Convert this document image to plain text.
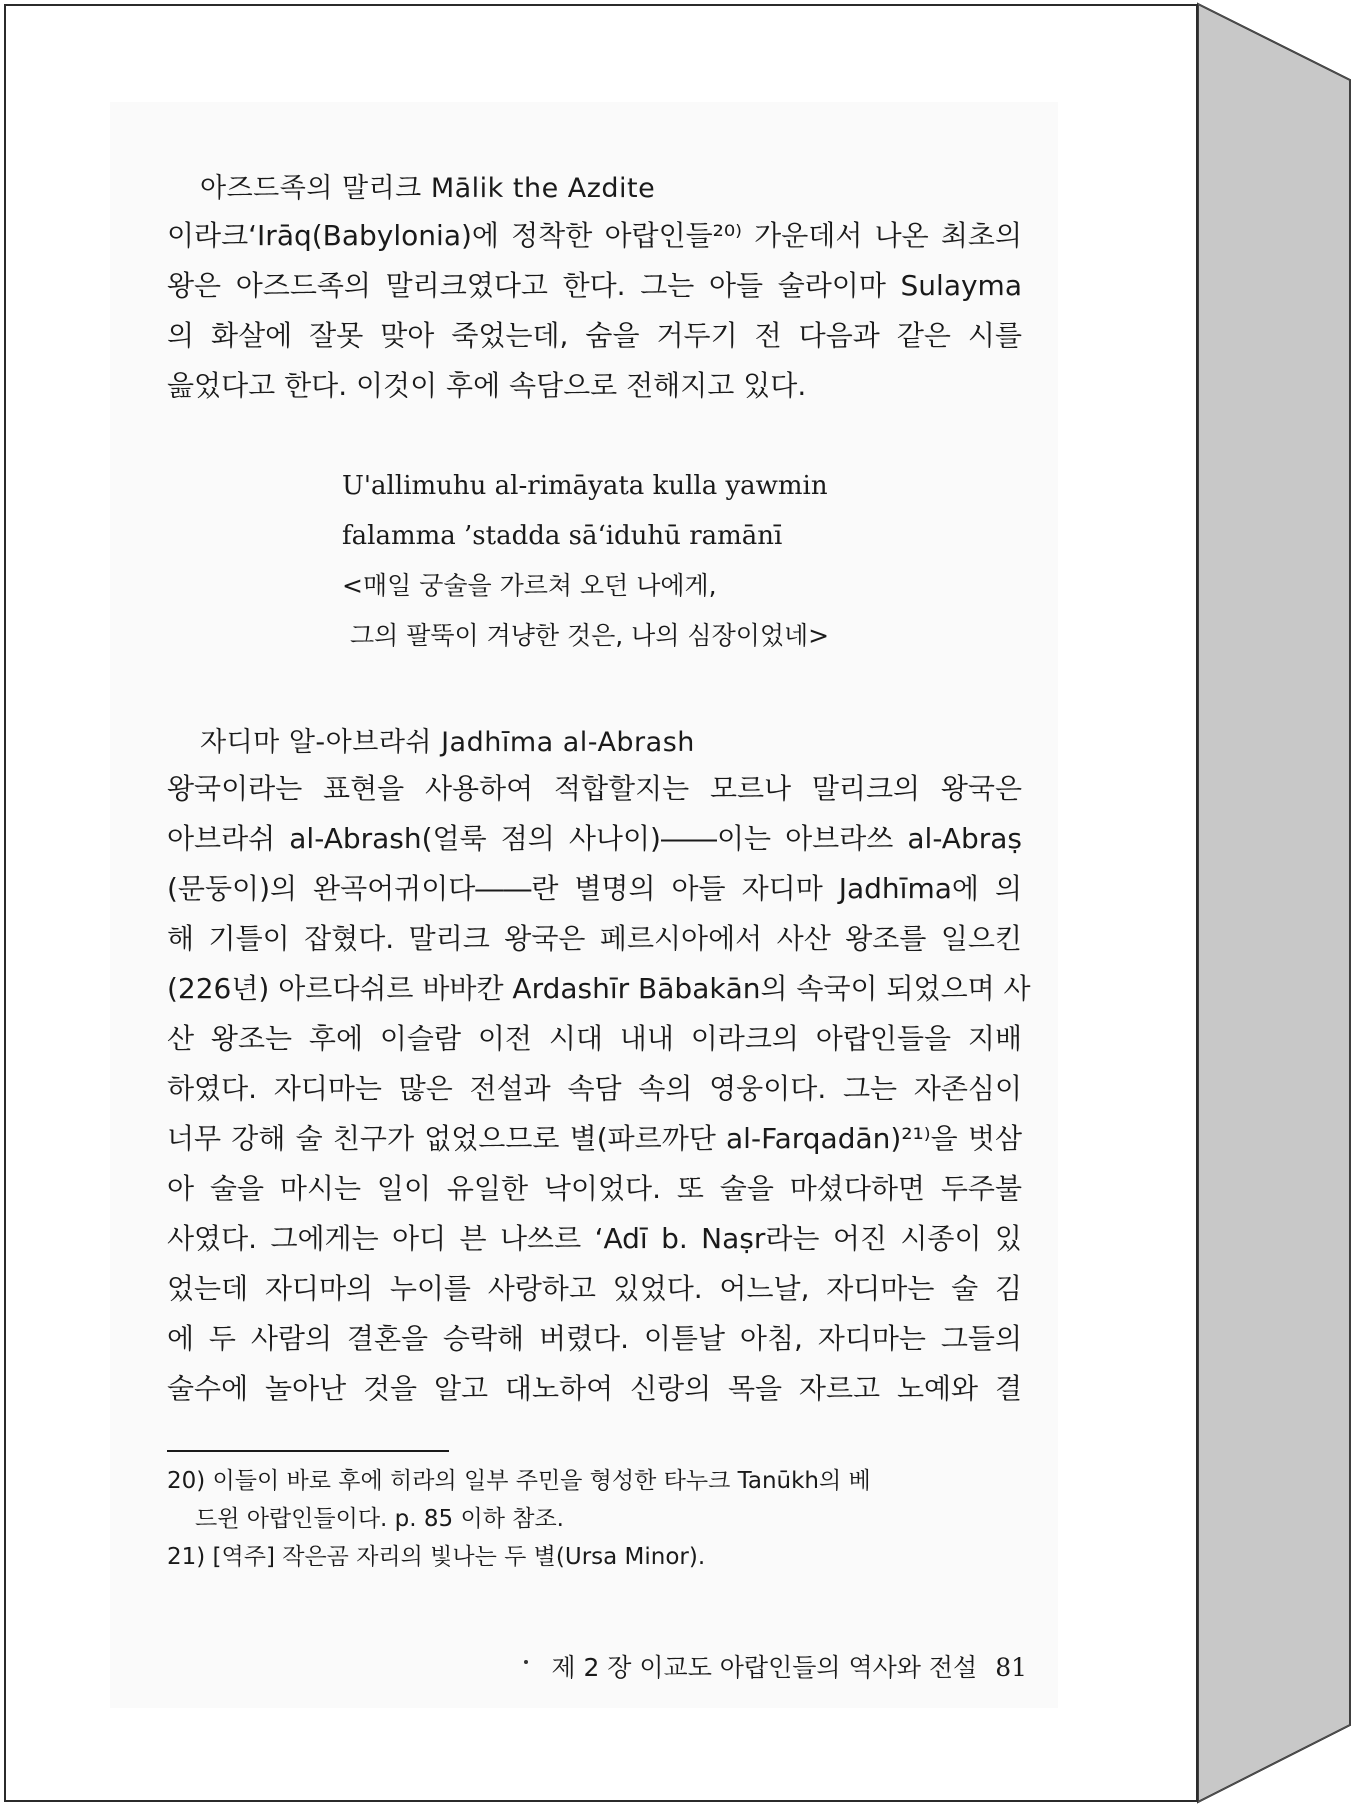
아즈드족의 말리크 Mālik the Azdite

이라크‘Irāq(Babylonia)에 정착한 아랍인들²⁰⁾ 가운데서 나온 최초의

왕은 아즈드족의 말리크였다고 한다. 그는 아들 술라이마 Sulayma

의 화살에 잘못 맞아 죽었는데, 숨을 거두기 전 다음과 같은 시를

읊었다고 한다. 이것이 후에 속담으로 전해지고 있다.

U'allimuhu al-rimāyata kulla yawmin
falamma ’stadda sā‘iduhū ramānī
<매일 궁술을 가르쳐 오던 나에게,
그의 팔뚝이 겨냥한 것은, 나의 심장이었네>
자디마 알-아브라쉬 Jadhīma al-Abrash

왕국이라는 표현을 사용하여 적합할지는 모르나 말리크의 왕국은

아브라쉬 al-Abrash(얼룩 점의 사나이)――이는 아브라쓰 al-Abraṣ

(문둥이)의 완곡어귀이다――란 별명의 아들 자디마 Jadhīma에 의

해 기틀이 잡혔다. 말리크 왕국은 페르시아에서 사산 왕조를 일으킨

(226년) 아르다쉬르 바바칸 Ardashīr Bābakān의 속국이 되었으며 사

산 왕조는 후에 이슬람 이전 시대 내내 이라크의 아랍인들을 지배

하였다. 자디마는 많은 전설과 속담 속의 영웅이다. 그는 자존심이

너무 강해 술 친구가 없었으므로 별(파르까단 al-Farqadān)²¹⁾을 벗삼

아 술을 마시는 일이 유일한 낙이었다. 또 술을 마셨다하면 두주불

사였다. 그에게는 아디 븐 나쓰르 ‘Adī b. Naṣr라는 어진 시종이 있

었는데 자디마의 누이를 사랑하고 있었다. 어느날, 자디마는 술 김

에 두 사람의 결혼을 승락해 버렸다. 이튿날 아침, 자디마는 그들의

술수에 놀아난 것을 알고 대노하여 신랑의 목을 자르고 노예와 결

20) 이들이 바로 후에 히라의 일부 주민을 형성한 타누크 Tanūkh의 베
드윈 아랍인들이다. p. 85 이하 참조.
21) [역주] 작은곰 자리의 빛나는 두 별(Ursa Minor).
제 2 장 이교도 아랍인들의 역사와 전설 81
